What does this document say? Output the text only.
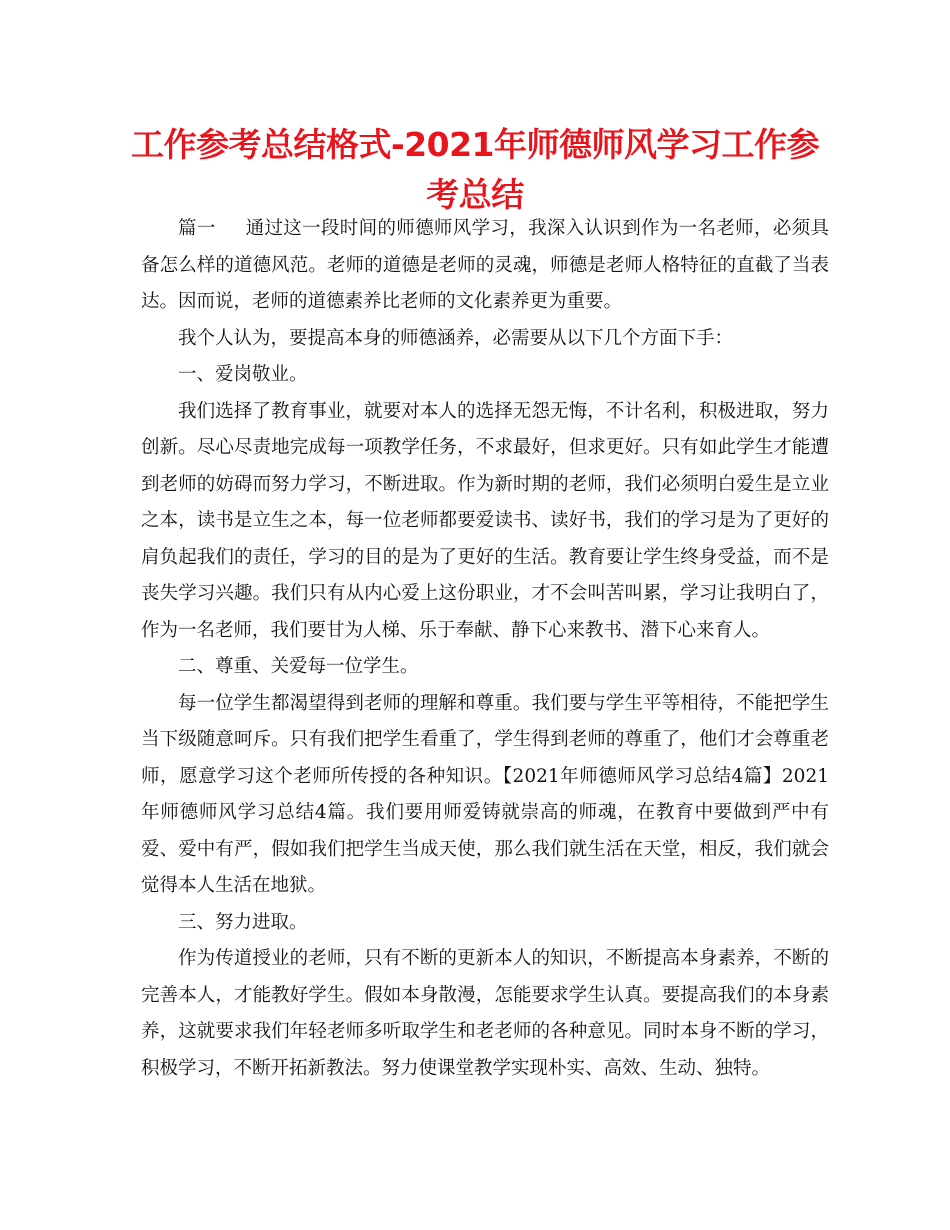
工作参考总结格式-2021年师德师风学习工作参考总结

篇一 通过这一段时间的师德师风学习，我深入认识到作为一名老师，必须具备怎么样的道德风范。老师的道德是老师的灵魂，师德是老师人格特征的直截了当表达。因而说，老师的道德素养比老师的文化素养更为重要。

我个人认为，要提高本身的师德涵养，必需要从以下几个方面下手：

一、爱岗敬业。

我们选择了教育事业，就要对本人的选择无怨无悔，不计名利，积极进取，努力创新。尽心尽责地完成每一项教学任务，不求最好，但求更好。只有如此学生才能遭到老师的妨碍而努力学习，不断进取。作为新时期的老师，我们必须明白爱生是立业之本，读书是立生之本，每一位老师都要爱读书、读好书，我们的学习是为了更好的肩负起我们的责任，学习的目的是为了更好的生活。教育要让学生终身受益，而不是丧失学习兴趣。我们只有从内心爱上这份职业，才不会叫苦叫累，学习让我明白了，作为一名老师，我们要甘为人梯、乐于奉献、静下心来教书、潜下心来育人。

二、尊重、关爱每一位学生。

每一位学生都渴望得到老师的理解和尊重。我们要与学生平等相待，不能把学生当下级随意呵斥。只有我们把学生看重了，学生得到老师的尊重了，他们才会尊重老师，愿意学习这个老师所传授的各种知识。【2021年师德师风学习总结4篇】2021年师德师风学习总结4篇。我们要用师爱铸就崇高的师魂，在教育中要做到严中有爱、爱中有严，假如我们把学生当成天使，那么我们就生活在天堂，相反，我们就会觉得本人生活在地狱。

三、努力进取。

作为传道授业的老师，只有不断的更新本人的知识，不断提高本身素养，不断的完善本人，才能教好学生。假如本身散漫，怎能要求学生认真。要提高我们的本身素养，这就要求我们年轻老师多听取学生和老老师的各种意见。同时本身不断的学习，积极学习，不断开拓新教法。努力使课堂教学实现朴实、高效、生动、独特。
